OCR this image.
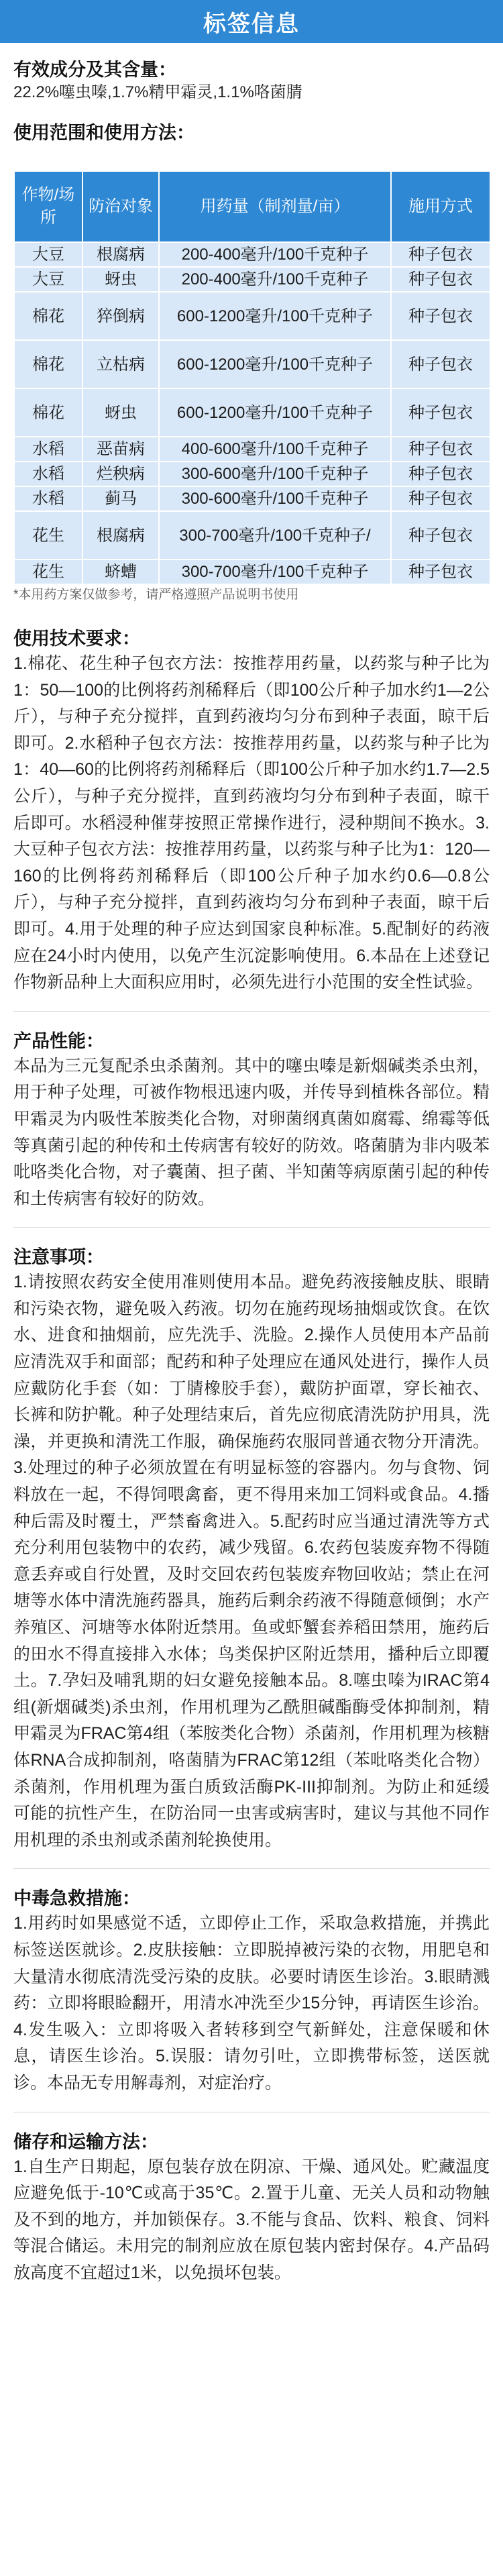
标签信息
有效成分及其含量：

22.2%噻虫嗪,1.7%精甲霜灵,1.1%咯菌腈

使用范围和使用方法：
作物/场所	防治对象	用药量（制剂量/亩）	施用方式
大豆	根腐病	200-400毫升/100千克种子	种子包衣
大豆	蚜虫	200-400毫升/100千克种子	种子包衣
棉花	猝倒病	600-1200毫升/100千克种子	种子包衣
棉花	立枯病	600-1200毫升/100千克种子	种子包衣
棉花	蚜虫	600-1200毫升/100千克种子	种子包衣
水稻	恶苗病	400-600毫升/100千克种子	种子包衣
水稻	烂秧病	300-600毫升/100千克种子	种子包衣
水稻	蓟马	300-600毫升/100千克种子	种子包衣
花生	根腐病	300-700毫升/100千克种子/	种子包衣
花生	蛴螬	300-700毫升/100千克种子	种子包衣

*本用药方案仅做参考，请严格遵照产品说明书使用

使用技术要求：

1.棉花、花生种子包衣方法：按推荐用药量，以药浆与种子比为1：50—100的比例将药剂稀释后（即100公斤种子加水约1—2公斤），与种子充分搅拌，直到药液均匀分布到种子表面，晾干后即可。2.水稻种子包衣方法：按推荐用药量，以药浆与种子比为1：40—60的比例将药剂稀释后（即100公斤种子加水约1.7—2.5公斤），与种子充分搅拌，直到药液均匀分布到种子表面，晾干后即可。水稻浸种催芽按照正常操作进行，浸种期间不换水。3.大豆种子包衣方法：按推荐用药量，以药浆与种子比为1：120—160的比例将药剂稀释后（即100公斤种子加水约0.6—0.8公斤），与种子充分搅拌，直到药液均匀分布到种子表面，晾干后即可。4.用于处理的种子应达到国家良种标准。5.配制好的药液应在24小时内使用，以免产生沉淀影响使用。6.本品在上述登记作物新品种上大面积应用时，必须先进行小范围的安全性试验。

产品性能：

本品为三元复配杀虫杀菌剂。其中的噻虫嗪是新烟碱类杀虫剂，用于种子处理，可被作物根迅速内吸，并传导到植株各部位。精甲霜灵为内吸性苯胺类化合物，对卵菌纲真菌如腐霉、绵霉等低等真菌引起的种传和土传病害有较好的防效。咯菌腈为非内吸苯吡咯类化合物，对子囊菌、担子菌、半知菌等病原菌引起的种传和土传病害有较好的防效。

注意事项：

1.请按照农药安全使用准则使用本品。避免药液接触皮肤、眼睛和污染衣物，避免吸入药液。切勿在施药现场抽烟或饮食。在饮水、进食和抽烟前，应先洗手、洗脸。2.操作人员使用本产品前应清洗双手和面部；配药和种子处理应在通风处进行，操作人员应戴防化手套（如：丁腈橡胶手套），戴防护面罩，穿长袖衣、长裤和防护靴。种子处理结束后，首先应彻底清洗防护用具，洗澡，并更换和清洗工作服，确保施药农服同普通衣物分开清洗。3.处理过的种子必须放置在有明显标签的容器内。勿与食物、饲料放在一起，不得饲喂禽畜，更不得用来加工饲料或食品。4.播种后需及时覆土，严禁畜禽进入。5.配药时应当通过清洗等方式充分利用包装物中的农药，减少残留。6.农药包装废弃物不得随意丢弃或自行处置，及时交回农药包装废弃物回收站；禁止在河塘等水体中清洗施药器具，施药后剩余药液不得随意倾倒；水产养殖区、河塘等水体附近禁用。鱼或虾蟹套养稻田禁用，施药后的田水不得直接排入水体；鸟类保护区附近禁用，播种后立即覆土。7.孕妇及哺乳期的妇女避免接触本品。8.噻虫嗪为IRAC第4组(新烟碱类)杀虫剂，作用机理为乙酰胆碱酯酶受体抑制剂，精甲霜灵为FRAC第4组（苯胺类化合物）杀菌剂，作用机理为核糖体RNA合成抑制剂，咯菌腈为FRAC第12组（苯吡咯类化合物）杀菌剂，作用机理为蛋白质致活酶PK-III抑制剂。为防止和延缓可能的抗性产生，在防治同一虫害或病害时，建议与其他不同作用机理的杀虫剂或杀菌剂轮换使用。

中毒急救措施：

1.用药时如果感觉不适，立即停止工作，采取急救措施，并携此标签送医就诊。2.皮肤接触：立即脱掉被污染的衣物，用肥皂和大量清水彻底清洗受污染的皮肤。必要时请医生诊治。3.眼睛溅药：立即将眼睑翻开，用清水冲洗至少15分钟，再请医生诊治。4.发生吸入：立即将吸入者转移到空气新鲜处，注意保暖和休息，请医生诊治。5.误服：请勿引吐，立即携带标签，送医就诊。本品无专用解毒剂，对症治疗。

储存和运输方法：

1.自生产日期起，原包装存放在阴凉、干燥、通风处。贮藏温度应避免低于-10℃或高于35℃。2.置于儿童、无关人员和动物触及不到的地方，并加锁保存。3.不能与食品、饮料、粮食、饲料等混合储运。未用完的制剂应放在原包装内密封保存。4.产品码放高度不宜超过1米，以免损坏包装。
